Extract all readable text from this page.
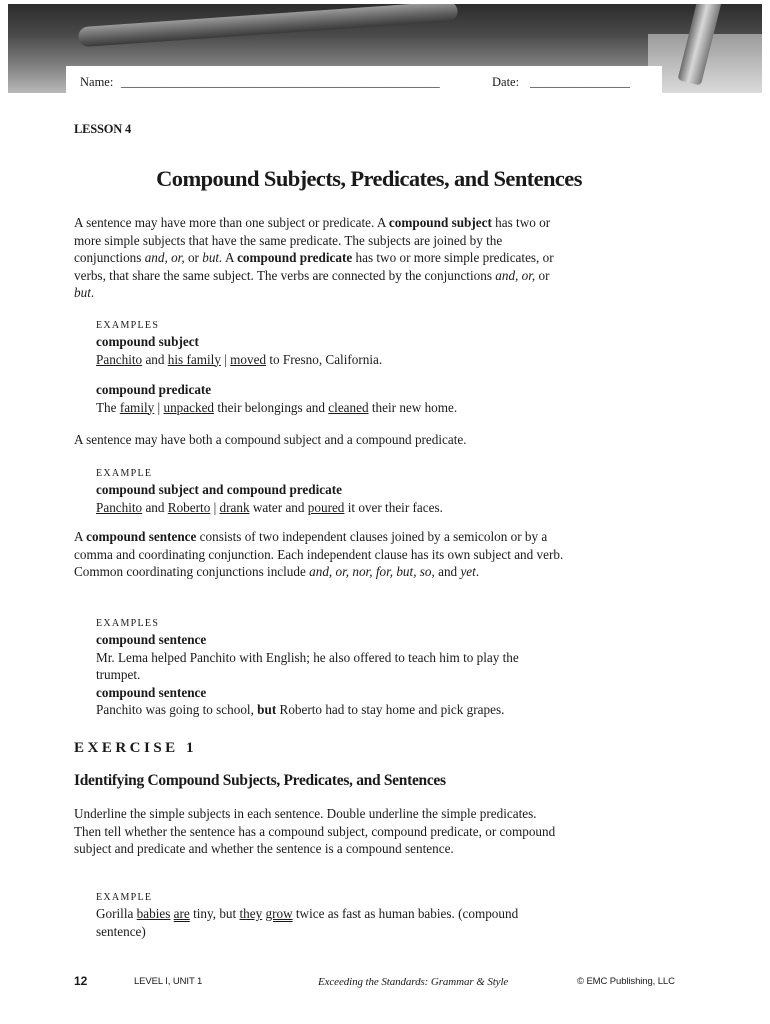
Name: ___________________________________________________	Date: ________________
LESSON 4
Compound Subjects, Predicates, and Sentences

A sentence may have more than one subject or predicate. A compound subject has two or more simple subjects that have the same predicate. The subjects are joined by the conjunctions and, or, or but. A compound predicate has two or more simple predicates, or verbs, that share the same subject. The verbs are connected by the conjunctions and, or, or but.

EXAMPLES
compound subject
Panchito and his family | moved to Fresno, California.
compound predicate
The family | unpacked their belongings and cleaned their new home.

A sentence may have both a compound subject and a compound predicate.

EXAMPLE
compound subject and compound predicate
Panchito and Roberto | drank water and poured it over their faces.

A compound sentence consists of two independent clauses joined by a semicolon or by a comma and coordinating conjunction. Each independent clause has its own subject and verb. Common coordinating conjunctions include and, or, nor, for, but, so, and yet.

EXAMPLES
compound sentence
Mr. Lema helped Panchito with English; he also offered to teach him to play the trumpet.
compound sentence
Panchito was going to school, but Roberto had to stay home and pick grapes.
EXERCISE 1
Identifying Compound Subjects, Predicates, and Sentences

Underline the simple subjects in each sentence. Double underline the simple predicates. Then tell whether the sentence has a compound subject, compound predicate, or compound subject and predicate and whether the sentence is a compound sentence.

EXAMPLE
Gorilla babies are tiny, but they grow twice as fast as human babies. (compound sentence)
12	LEVEL I, UNIT 1	Exceeding the Standards: Grammar & Style	© EMC Publishing, LLC
